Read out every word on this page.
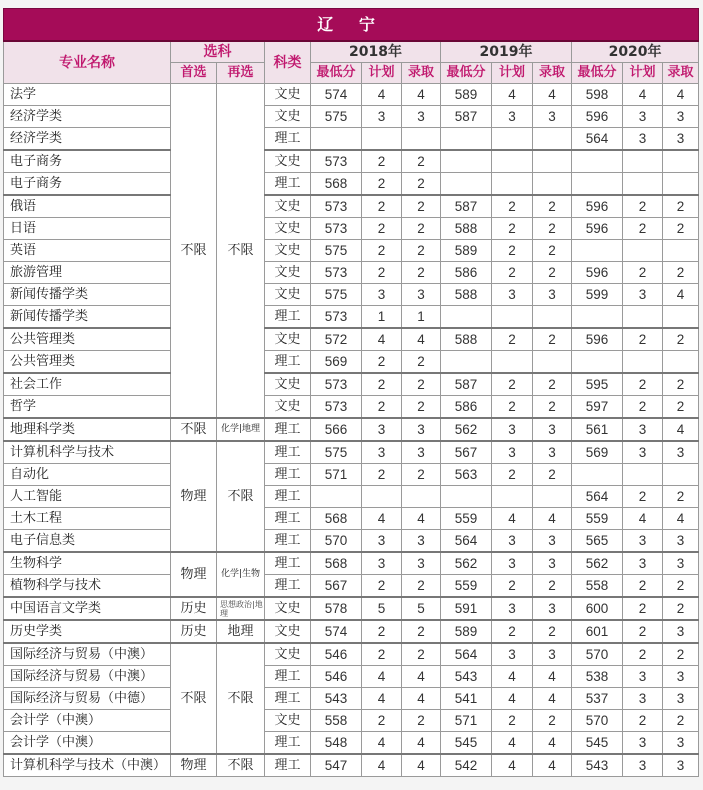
辽 宁												
专业名称	选科		科类	2018年			2019年			2020年		
	首选	再选		最低分	计划	录取	最低分	计划	录取	最低分	计划	录取
法学	不限	不限	文史	574	4	4	589	4	4	598	4	4
经济学类			文史	575	3	3	587	3	3	596	3	3
经济学类			理工							564	3	3
电子商务			文史	573	2	2						
电子商务			理工	568	2	2						
俄语			文史	573	2	2	587	2	2	596	2	2
日语			文史	573	2	2	588	2	2	596	2	2
英语			文史	575	2	2	589	2	2			
旅游管理			文史	573	2	2	586	2	2	596	2	2
新闻传播学类			文史	575	3	3	588	3	3	599	3	4
新闻传播学类			理工	573	1	1						
公共管理类			文史	572	4	4	588	2	2	596	2	2
公共管理类			理工	569	2	2						
社会工作			文史	573	2	2	587	2	2	595	2	2
哲学			文史	573	2	2	586	2	2	597	2	2
地理科学类	不限	化学|地理	理工	566	3	3	562	3	3	561	3	4
计算机科学与技术	物理	不限	理工	575	3	3	567	3	3	569	3	3
自动化			理工	571	2	2	563	2	2			
人工智能			理工							564	2	2
土木工程			理工	568	4	4	559	4	4	559	4	4
电子信息类			理工	570	3	3	564	3	3	565	3	3
生物科学	物理	化学|生物	理工	568	3	3	562	3	3	562	3	3
植物科学与技术			理工	567	2	2	559	2	2	558	2	2
中国语言文学类	历史	思想政治|地理	文史	578	5	5	591	3	3	600	2	2
历史学类	历史	地理	文史	574	2	2	589	2	2	601	2	3
国际经济与贸易（中澳）	不限	不限	文史	546	2	2	564	3	3	570	2	2
国际经济与贸易（中澳）			理工	546	4	4	543	4	4	538	3	3
国际经济与贸易（中德）			理工	543	4	4	541	4	4	537	3	3
会计学（中澳）			文史	558	2	2	571	2	2	570	2	2
会计学（中澳）			理工	548	4	4	545	4	4	545	3	3
计算机科学与技术（中澳）	物理	不限	理工	547	4	4	542	4	4	543	3	3
